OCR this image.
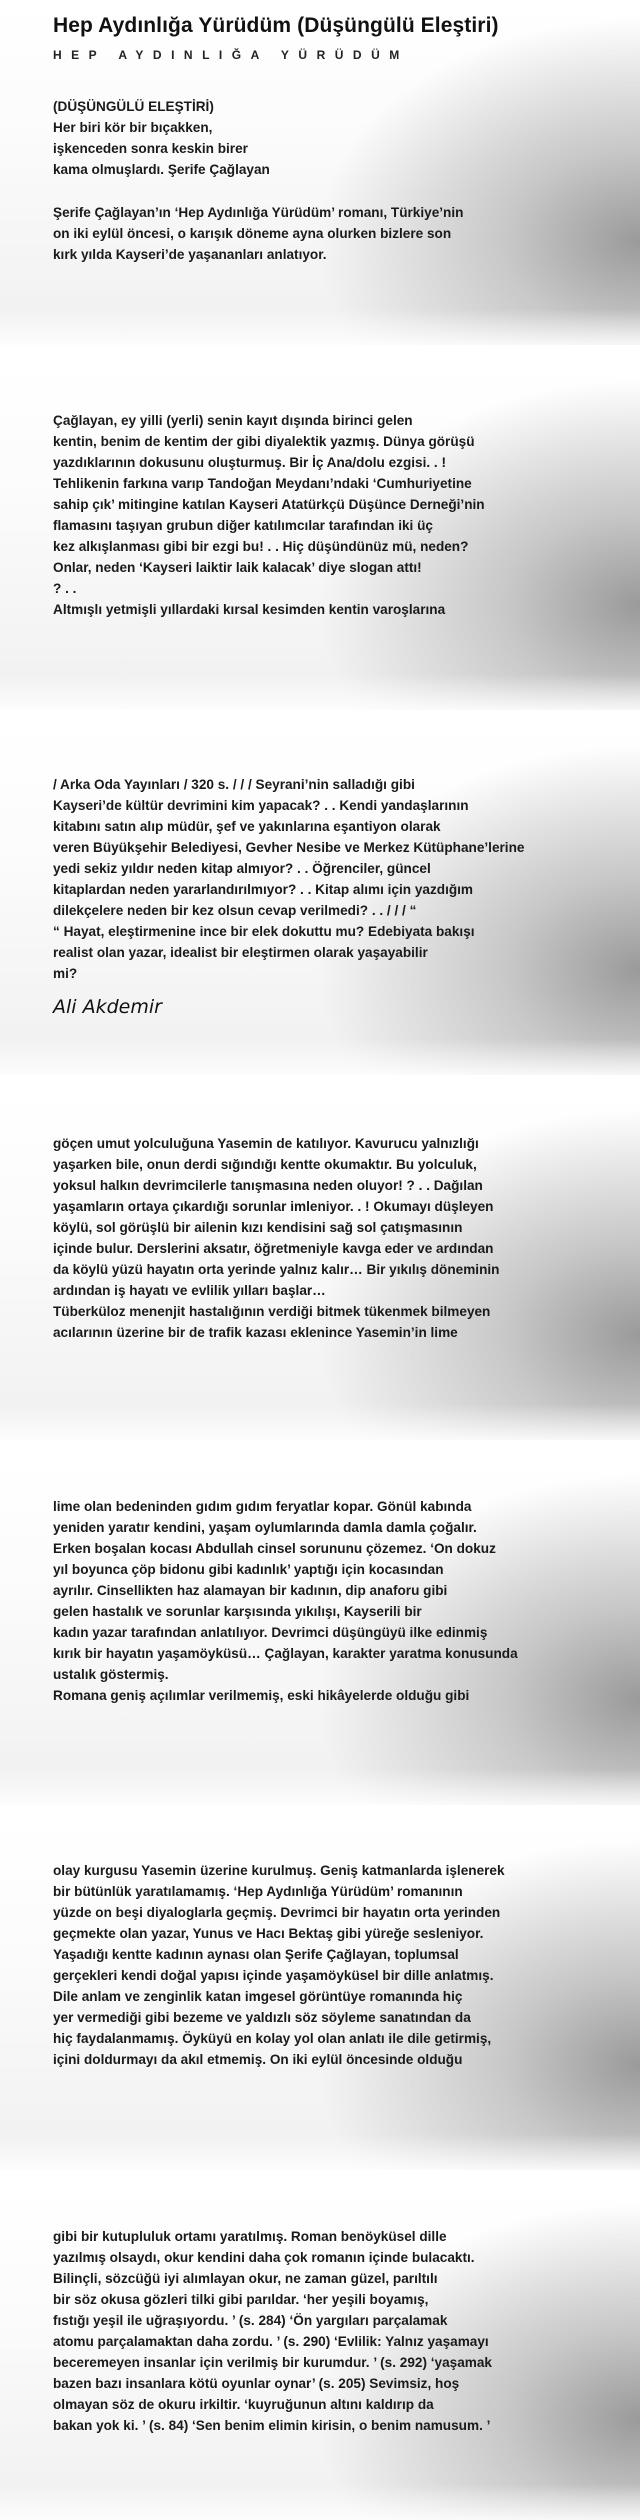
Hep Aydınlığa Yürüdüm (Düşüngülü Eleştiri)
HEP AYDINLIĞA YÜRÜDÜM

(DÜŞÜNGÜLÜ ELEŞTİRİ)
Her biri kör bir bıçakken,
işkenceden sonra keskin birer
kama olmuşlardı. Şerife Çağlayan

Şerife Çağlayan’ın ‘Hep Aydınlığa Yürüdüm’ romanı, Türkiye’nin
on iki eylül öncesi, o karışık döneme ayna olurken bizlere son
kırk yılda Kayseri’de yaşananları anlatıyor.

Çağlayan, ey yilli (yerli) senin kayıt dışında birinci gelen
kentin, benim de kentim der gibi diyalektik yazmış. Dünya görüşü
yazdıklarının dokusunu oluşturmuş. Bir İç Ana/dolu ezgisi. . !
Tehlikenin farkına varıp Tandoğan Meydanı’ndaki ‘Cumhuriyetine
sahip çık’ mitingine katılan Kayseri Atatürkçü Düşünce Derneği’nin
flamasını taşıyan grubun diğer katılımcılar tarafından iki üç
kez alkışlanması gibi bir ezgi bu! . . Hiç düşündünüz mü, neden?
Onlar, neden ‘Kayseri laiktir laik kalacak’ diye slogan attı!
? . .
Altmışlı yetmişli yıllardaki kırsal kesimden kentin varoşlarına

/ Arka Oda Yayınları / 320 s. / / / Seyrani’nin salladığı gibi
Kayseri’de kültür devrimini kim yapacak? . . Kendi yandaşlarının
kitabını satın alıp müdür, şef ve yakınlarına eşantiyon olarak
veren Büyükşehir Belediyesi, Gevher Nesibe ve Merkez Kütüphane’lerine
yedi sekiz yıldır neden kitap almıyor? . . Öğrenciler, güncel
kitaplardan neden yararlandırılmıyor? . . Kitap alımı için yazdığım
dilekçelere neden bir kez olsun cevap verilmedi? . . / / / “
“ Hayat, eleştirmenine ince bir elek dokuttu mu? Edebiyata bakışı
realist olan yazar, idealist bir eleştirmen olarak yaşayabilir
mi?

Ali Akdemir

göçen umut yolculuğuna Yasemin de katılıyor. Kavurucu yalnızlığı
yaşarken bile, onun derdi sığındığı kentte okumaktır. Bu yolculuk,
yoksul halkın devrimcilerle tanışmasına neden oluyor! ? . . Dağılan
yaşamların ortaya çıkardığı sorunlar imleniyor. . ! Okumayı düşleyen
köylü, sol görüşlü bir ailenin kızı kendisini sağ sol çatışmasının
içinde bulur. Derslerini aksatır, öğretmeniyle kavga eder ve ardından
da köylü yüzü hayatın orta yerinde yalnız kalır… Bir yıkılış döneminin
ardından iş hayatı ve evlilik yılları başlar…
Tüberküloz menenjit hastalığının verdiği bitmek tükenmek bilmeyen
acılarının üzerine bir de trafik kazası eklenince Yasemin’in lime

lime olan bedeninden gıdım gıdım feryatlar kopar. Gönül kabında
yeniden yaratır kendini, yaşam oylumlarında damla damla çoğalır.
Erken boşalan kocası Abdullah cinsel sorununu çözemez. ‘On dokuz
yıl boyunca çöp bidonu gibi kadınlık’ yaptığı için kocasından
ayrılır. Cinsellikten haz alamayan bir kadının, dip anaforu gibi
gelen hastalık ve sorunlar karşısında yıkılışı, Kayserili bir
kadın yazar tarafından anlatılıyor. Devrimci düşüngüyü ilke edinmiş
kırık bir hayatın yaşamöyküsü… Çağlayan, karakter yaratma konusunda
ustalık göstermiş.
Romana geniş açılımlar verilmemiş, eski hikâyelerde olduğu gibi

olay kurgusu Yasemin üzerine kurulmuş. Geniş katmanlarda işlenerek
bir bütünlük yaratılamamış. ‘Hep Aydınlığa Yürüdüm’ romanının
yüzde on beşi diyaloglarla geçmiş. Devrimci bir hayatın orta yerinden
geçmekte olan yazar, Yunus ve Hacı Bektaş gibi yüreğe sesleniyor.
Yaşadığı kentte kadının aynası olan Şerife Çağlayan, toplumsal
gerçekleri kendi doğal yapısı içinde yaşamöyküsel bir dille anlatmış.
Dile anlam ve zenginlik katan imgesel görüntüye romanında hiç
yer vermediği gibi bezeme ve yaldızlı söz söyleme sanatından da
hiç faydalanmamış. Öyküyü en kolay yol olan anlatı ile dile getirmiş,
içini doldurmayı da akıl etmemiş. On iki eylül öncesinde olduğu

gibi bir kutupluluk ortamı yaratılmış. Roman benöyküsel dille
yazılmış olsaydı, okur kendini daha çok romanın içinde bulacaktı.
Bilinçli, sözcüğü iyi alımlayan okur, ne zaman güzel, parıltılı
bir söz okusa gözleri tilki gibi parıldar. ‘her yeşili boyamış,
fıstığı yeşil ile uğraşıyordu. ’ (s. 284) ‘Ön yargıları parçalamak
atomu parçalamaktan daha zordu. ’ (s. 290) ‘Evlilik: Yalnız yaşamayı
beceremeyen insanlar için verilmiş bir kurumdur. ’ (s. 292) ‘yaşamak
bazen bazı insanlara kötü oyunlar oynar’ (s. 205) Sevimsiz, hoş
olmayan söz de okuru irkiltir. ‘kuyruğunun altını kaldırıp da
bakan yok ki. ’ (s. 84) ‘Sen benim elimin kirisin, o benim namusum. ’
